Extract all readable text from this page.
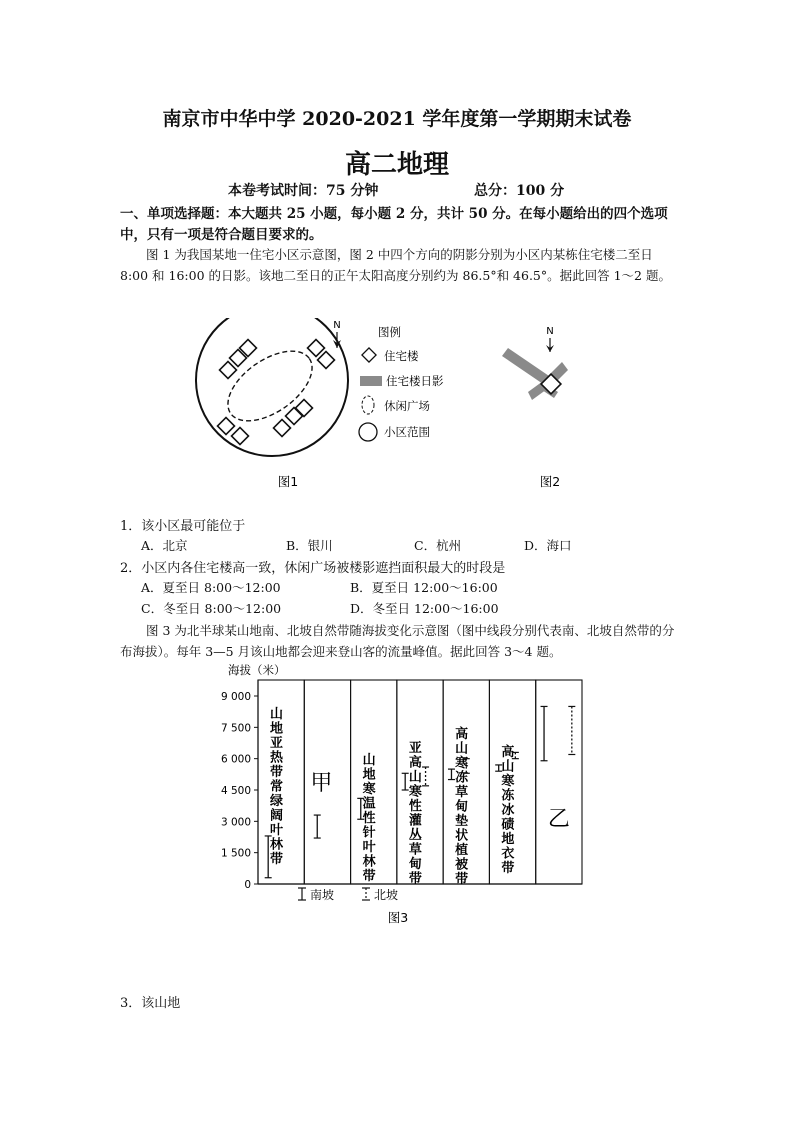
南京市中华中学 2020-2021 学年度第一学期期末试卷
高二地理
本卷考试时间：75 分钟	总分：100 分
一、单项选择题：本大题共 25 小题，每小题 2 分，共计 50 分。在每小题给出的四个选项中，只有一项是符合题目要求的。
图 1 为我国某地一住宅小区示意图，图 2 中四个方向的阴影分别为小区内某栋住宅楼二至日 8:00 和 16:00 的日影。该地二至日的正午太阳高度分别约为 86.5°和 46.5°。据此回答 1～2 题。
N	图例
住宅楼
住宅楼日影
休闲广场
小区范围
N
图1	图2
1．该小区最可能位于
A．北京	B．银川	C．杭州	D．海口
2．小区内各住宅楼高一致，休闲广场被楼影遮挡面积最大的时段是
A．夏至日 8:00～12:00	B．夏至日 12:00～16:00
C．冬至日 8:00～12:00	D．冬至日 12:00～16:00
图 3 为北半球某山地南、北坡自然带随海拔变化示意图（图中线段分别代表南、北坡自然带的分布海拔）。每年 3—5 月该山地都会迎来登山客的流量峰值。据此回答 3～4 题。
海拔（米）
9 000
7 500
6 000
4 500
3 000
1 500
0
山
地
亚
热
带
常
绿
阔
叶
林
带
甲
山
地
寒
温
性
针
叶
林
带
亚
高
山
寒
性
灌
丛
草
甸
带
高
山
寒
冻
草
甸
垫
状
植
被
带
高
山
寒
冻
冰
碛
地
衣
带
乙
南坡	北坡
图3
3．该山地
